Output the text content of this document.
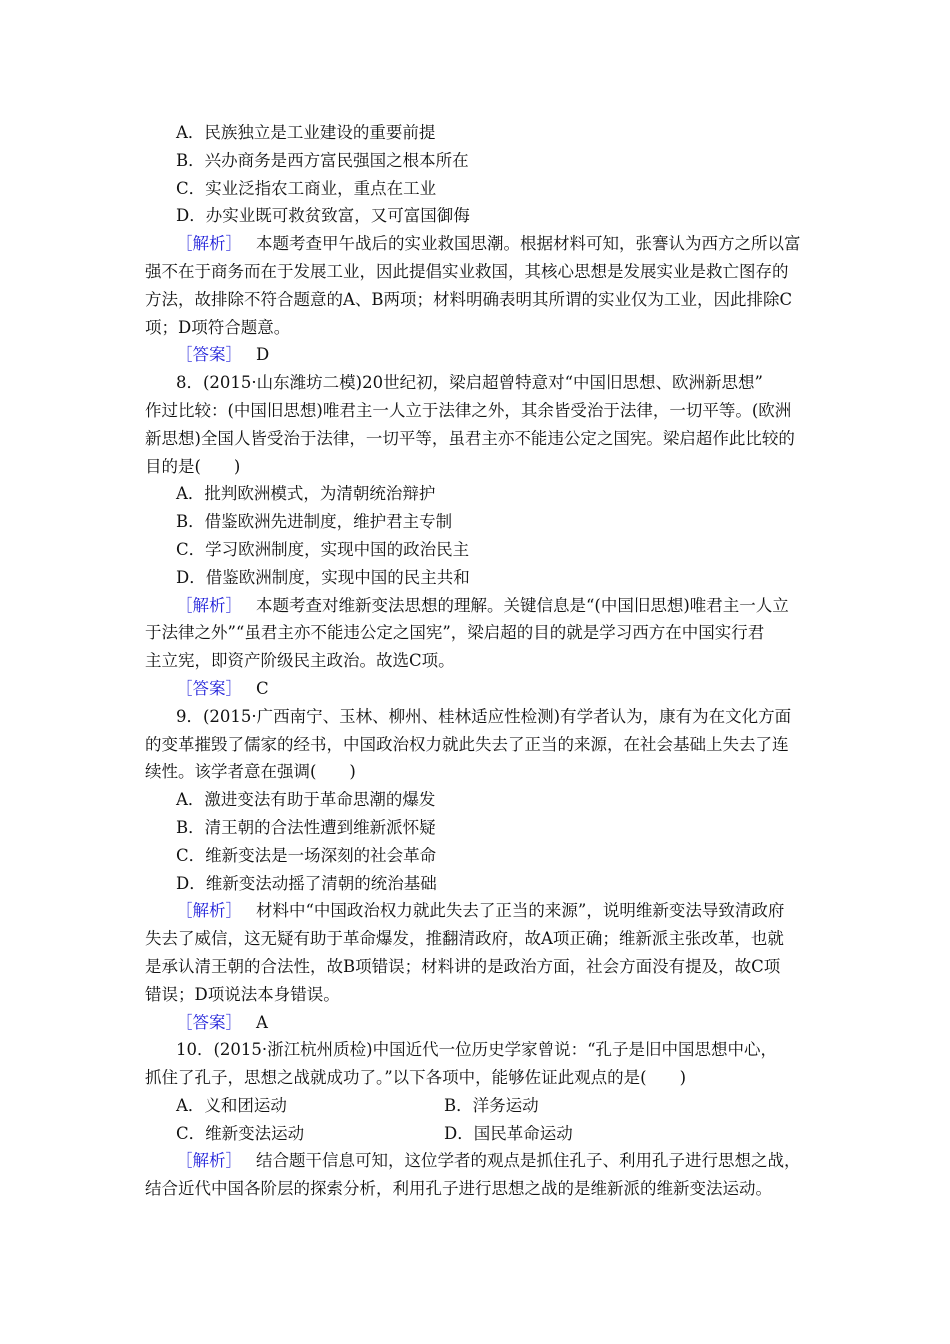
A．民族独立是工业建设的重要前提
B．兴办商务是西方富民强国之根本所在
C．实业泛指农工商业，重点在工业
D．办实业既可救贫致富，又可富国御侮
［解析］ 本题考查甲午战后的实业救国思潮。根据材料可知，张謇认为西方之所以富
强不在于商务而在于发展工业，因此提倡实业救国，其核心思想是发展实业是救亡图存的
方法，故排除不符合题意的A、B两项；材料明确表明其所谓的实业仅为工业，因此排除C
项；D项符合题意。
［答案］ D
8．(2015·山东潍坊二模)20世纪初，梁启超曾特意对“中国旧思想、欧洲新思想”
作过比较：(中国旧思想)唯君主一人立于法律之外，其余皆受治于法律，一切平等。(欧洲
新思想)全国人皆受治于法律，一切平等，虽君主亦不能违公定之国宪。梁启超作此比较的
目的是(　　)
A．批判欧洲模式，为清朝统治辩护
B．借鉴欧洲先进制度，维护君主专制
C．学习欧洲制度，实现中国的政治民主
D．借鉴欧洲制度，实现中国的民主共和
［解析］ 本题考查对维新变法思想的理解。关键信息是“(中国旧思想)唯君主一人立
于法律之外”“虽君主亦不能违公定之国宪”，梁启超的目的就是学习西方在中国实行君
主立宪，即资产阶级民主政治。故选C项。
［答案］ C
9．(2015·广西南宁、玉林、柳州、桂林适应性检测)有学者认为，康有为在文化方面
的变革摧毁了儒家的经书，中国政治权力就此失去了正当的来源，在社会基础上失去了连
续性。该学者意在强调(　　)
A．激进变法有助于革命思潮的爆发
B．清王朝的合法性遭到维新派怀疑
C．维新变法是一场深刻的社会革命
D．维新变法动摇了清朝的统治基础
［解析］ 材料中“中国政治权力就此失去了正当的来源”，说明维新变法导致清政府
失去了威信，这无疑有助于革命爆发，推翻清政府，故A项正确；维新派主张改革，也就
是承认清王朝的合法性，故B项错误；材料讲的是政治方面，社会方面没有提及，故C项
错误；D项说法本身错误。
［答案］ A
10．(2015·浙江杭州质检)中国近代一位历史学家曾说：“孔子是旧中国思想中心，
抓住了孔子，思想之战就成功了。”以下各项中，能够佐证此观点的是(　　)
A．义和团运动	B．洋务运动
C．维新变法运动	D．国民革命运动
［解析］ 结合题干信息可知，这位学者的观点是抓住孔子、利用孔子进行思想之战，
结合近代中国各阶层的探索分析，利用孔子进行思想之战的是维新派的维新变法运动。
